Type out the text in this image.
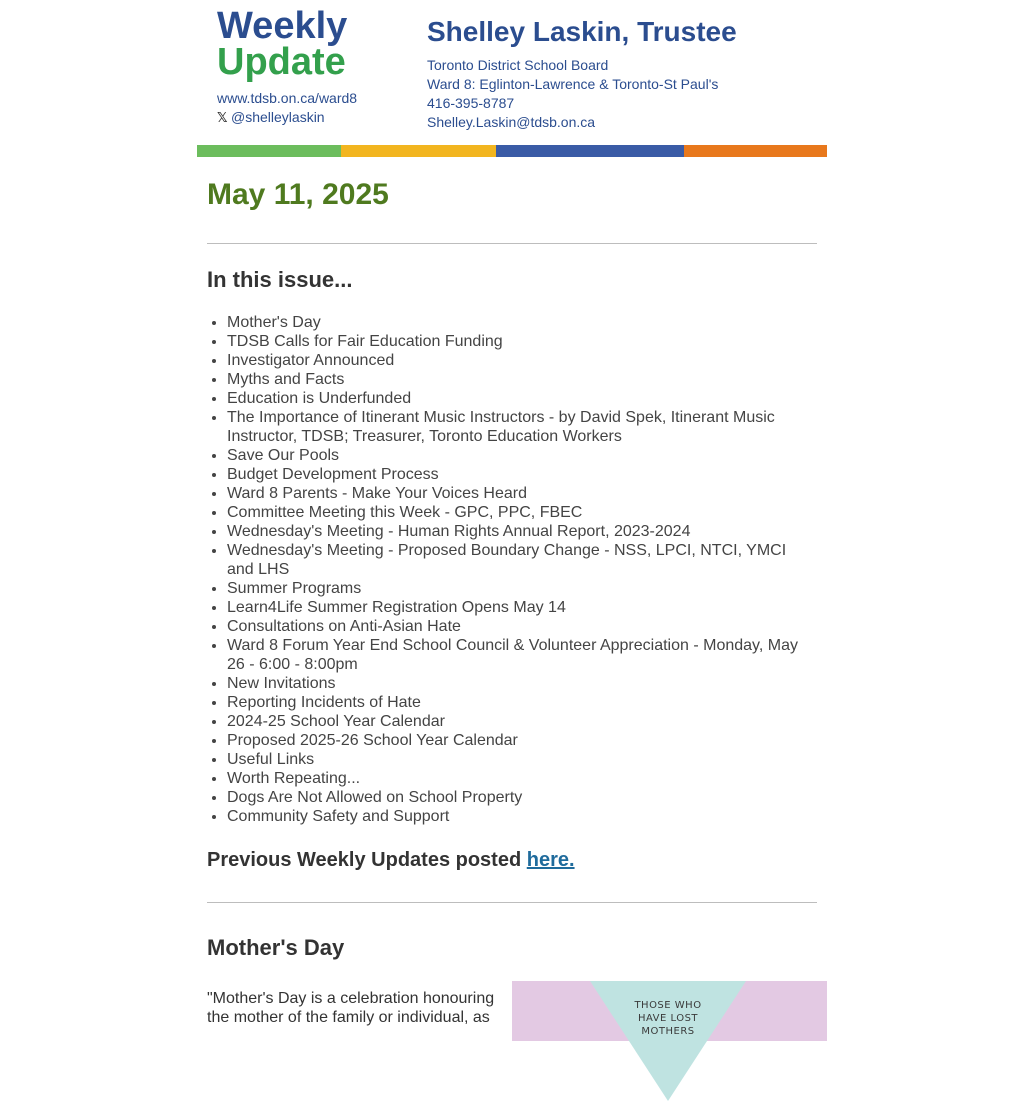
Weekly
Update
www.tdsb.on.ca/ward8
𝕏 @shelleylaskin
Shelley Laskin, Trustee
Toronto District School Board
Ward 8: Eglinton-Lawrence & Toronto-St Paul's
416-395-8787
Shelley.Laskin@tdsb.on.ca
May 11, 2025
In this issue...
• Mother's Day
• TDSB Calls for Fair Education Funding
• Investigator Announced
• Myths and Facts
• Education is Underfunded
• The Importance of Itinerant Music Instructors - by David Spek, Itinerant Music Instructor, TDSB; Treasurer, Toronto Education Workers
• Save Our Pools
• Budget Development Process
• Ward 8 Parents - Make Your Voices Heard
• Committee Meeting this Week - GPC, PPC, FBEC
• Wednesday's Meeting - Human Rights Annual Report, 2023-2024
• Wednesday's Meeting - Proposed Boundary Change - NSS, LPCI, NTCI, YMCI and LHS
• Summer Programs
• Learn4Life Summer Registration Opens May 14
• Consultations on Anti-Asian Hate
• Ward 8 Forum Year End School Council & Volunteer Appreciation - Monday, May 26 - 6:00 - 8:00pm
• New Invitations
• Reporting Incidents of Hate
• 2024-25 School Year Calendar
• Proposed 2025-26 School Year Calendar
• Useful Links
• Worth Repeating...
• Dogs Are Not Allowed on School Property
• Community Safety and Support
Previous Weekly Updates posted here.
Mother's Day
"Mother's Day is a celebration honouring the mother of the family or individual, as
THOSE WHO HAVE LOST MOTHERS
